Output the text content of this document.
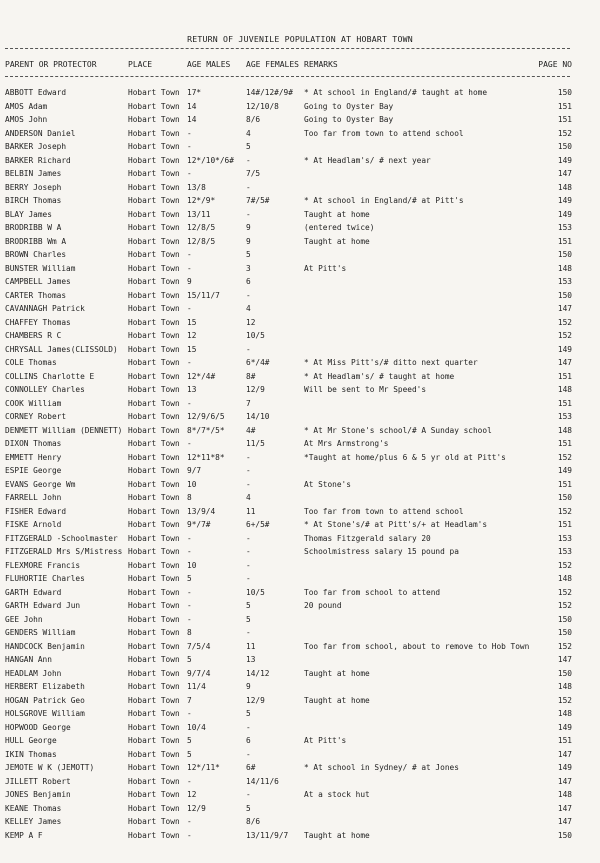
RETURN OF JUVENILE POPULATION AT HOBART TOWN
PARENT OR PROTECTOR	PLACE	AGE MALES AGE FEMALES REMARKS	PAGE NO
ABBOTT Edward	Hobart Town 17*	14#/12#/9# * At school in England/# taught at home	150
AMOS Adam	Hobart Town 14	12/10/8	Going to Oyster Bay	151
AMOS John	Hobart Town 14	8/6	Going to Oyster Bay	151
ANDERSON Daniel	Hobart Town -	4	Too far from town to attend school	152
BARKER Joseph	Hobart Town -	5	150
BARKER Richard	Hobart Town 12*/10*/6# -	* At Headlam's/ # next year	149
BELBIN James	Hobart Town -	7/5	147
BERRY Joseph	Hobart Town 13/8	-	148
BIRCH Thomas	Hobart Town 12*/9*	7#/5#	* At school in England/# at Pitt's	149
BLAY James	Hobart Town 13/11	-	Taught at home	149
BRODRIBB W A	Hobart Town 12/8/5	9	(entered twice)	153
BRODRIBB Wm A	Hobart Town 12/8/5	9	Taught at home	151
BROWN Charles	Hobart Town -	5	150
BUNSTER William	Hobart Town -	3	At Pitt's	148
CAMPBELL James	Hobart Town 9	6	153
CARTER Thomas	Hobart Town 15/11/7	-	150
CAVANNAGH Patrick	Hobart Town -	4	147
CHAFFEY Thomas	Hobart Town 15	12	152
CHAMBERS R C	Hobart Town 12	10/5	152
CHRYSALL James(CLISSOLD) Hobart Town 15	-	149
COLE Thomas	Hobart Town -	6*/4#	* At Miss Pitt's/# ditto next quarter	147
COLLINS Charlotte E	Hobart Town 12*/4#	8#	* At Headlam's/ # taught at home	151
CONNOLLEY Charles	Hobart Town 13	12/9	Will be sent to Mr Speed's	148
COOK William	Hobart Town -	7	151
CORNEY Robert	Hobart Town 12/9/6/5	14/10	153
DENMETT William (DENNETT) Hobart Town 8*/7*/5*	4#	* At Mr Stone's school/# A Sunday school	148
DIXON Thomas	Hobart Town -	11/5	At Mrs Armstrong's	151
EMMETT Henry	Hobart Town 12*11*8*	-	*Taught at home/plus 6 & 5 yr old at Pitt's	152
ESPIE George	Hobart Town 9/7	-	149
EVANS George Wm	Hobart Town 10	-	At Stone's	151
FARRELL John	Hobart Town 8	4	150
FISHER Edward	Hobart Town 13/9/4	11	Too far from town to attend school	152
FISKE Arnold	Hobart Town 9*/7#	6+/5#	* At Stone's/# at Pitt's/+ at Headlam's	151
FITZGERALD -Schoolmaster Hobart Town -	-	Thomas Fitzgerald salary 20	153
FITZGERALD Mrs S/Mistress Hobart Town -	-	Schoolmistress salary 15 pound pa	153
FLEXMORE Francis	Hobart Town 10	-	152
FLUHORTIE Charles	Hobart Town 5	-	148
GARTH Edward	Hobart Town -	10/5	Too far from school to attend	152
GARTH Edward Jun	Hobart Town -	5	20 pound	152
GEE John	Hobart Town -	5	150
GENDERS William	Hobart Town 8	-	150
HANDCOCK Benjamin	Hobart Town 7/5/4	11	Too far from school, about to remove to Hob Town	152
HANGAN Ann	Hobart Town 5	13	147
HEADLAM John	Hobart Town 9/7/4	14/12	Taught at home	150
HERBERT Elizabeth	Hobart Town 11/4	9	148
HOGAN Patrick Geo	Hobart Town 7	12/9	Taught at home	152
HOLSGROVE William	Hobart Town -	5	148
HOPWOOD George	Hobart Town 10/4	-	149
HULL George	Hobart Town 5	6	At Pitt's	151
IKIN Thomas	Hobart Town 5	-	147
JEMOTE W K (JEMOTT)	Hobart Town 12*/11*	6#	* At school in Sydney/ # at Jones	149
JILLETT Robert	Hobart Town -	14/11/6	147
JONES Benjamin	Hobart Town 12	-	At a stock hut	148
KEANE Thomas	Hobart Town 12/9	5	147
KELLEY James	Hobart Town -	8/6	147
KEMP A F	Hobart Town -	13/11/9/7 Taught at home	150
